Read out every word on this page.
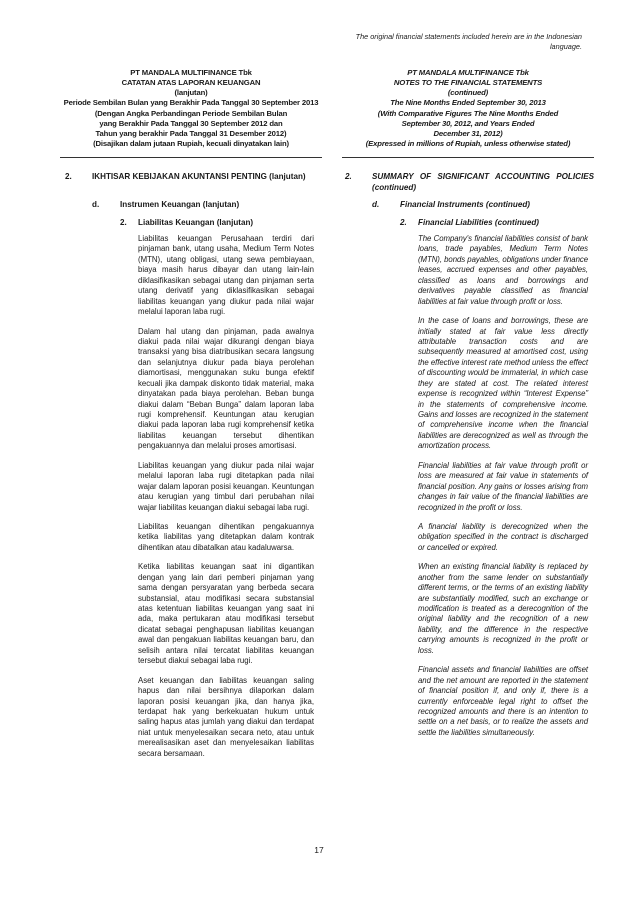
The original financial statements included herein are in the Indonesian language.
PT MANDALA MULTIFINANCE Tbk
CATATAN ATAS LAPORAN KEUANGAN
(lanjutan)
Periode Sembilan Bulan yang Berakhir Pada Tanggal 30 September 2013
(Dengan Angka Perbandingan Periode Sembilan Bulan
yang Berakhir Pada Tanggal 30 September 2012 dan
Tahun yang berakhir Pada Tanggal 31 Desember 2012)
(Disajikan dalam jutaan Rupiah, kecuali dinyatakan lain)
PT MANDALA MULTIFINANCE Tbk
NOTES TO THE FINANCIAL STATEMENTS
(continued)
The Nine Months Ended September 30, 2013
(With Comparative Figures The Nine Months Ended
September 30, 2012, and Years Ended
December 31, 2012)
(Expressed in millions of Rupiah, unless otherwise stated)
2. IKHTISAR KEBIJAKAN AKUNTANSI PENTING (lanjutan)
d.	Instrumen Keuangan (lanjutan)
2. Liabilitas Keuangan (lanjutan)

Liabilitas keuangan Perusahaan terdiri dari pinjaman bank, utang usaha, Medium Term Notes (MTN), utang obligasi, utang sewa pembiayaan, biaya masih harus dibayar dan utang lain-lain diklasifikasikan sebagai utang dan pinjaman serta utang derivatif yang diklasifikasikan sebagai liabilitas keuangan yang diukur pada nilai wajar melalui laporan laba rugi.

Dalam hal utang dan pinjaman, pada awalnya diakui pada nilai wajar dikurangi dengan biaya transaksi yang bisa diatribusikan secara langsung dan selanjutnya diukur pada biaya perolehan diamortisasi, menggunakan suku bunga efektif kecuali jika dampak diskonto tidak material, maka dinyatakan pada biaya perolehan. Beban bunga diakui dalam “Beban Bunga” dalam laporan laba rugi komprehensif. Keuntungan atau kerugian diakui pada laporan laba rugi komprehensif ketika liabilitas keuangan tersebut dihentikan pengakuannya dan melalui proses amortisasi.

Liabilitas keuangan yang diukur pada nilai wajar melalui laporan laba rugi ditetapkan pada nilai wajar dalam laporan posisi keuangan. Keuntungan atau kerugian yang timbul dari perubahan nilai wajar liabilitas keuangan diakui sebagai laba rugi.

Liabilitas keuangan dihentikan pengakuannya ketika liabilitas yang ditetapkan dalam kontrak dihentikan atau dibatalkan atau kadaluwarsa.

Ketika liabilitas keuangan saat ini digantikan dengan yang lain dari pemberi pinjaman yang sama dengan persyaratan yang berbeda secara substansial, atau modifikasi secara substansial atas ketentuan liabilitas keuangan yang saat ini ada, maka pertukaran atau modifikasi tersebut dicatat sebagai penghapusan liabilitas keuangan awal dan pengakuan liabilitas keuangan baru, dan selisih antara nilai tercatat liabilitas keuangan tersebut diakui sebagai laba rugi.

Aset keuangan dan liabilitas keuangan saling hapus dan nilai bersihnya dilaporkan dalam laporan posisi keuangan jika, dan hanya jika, terdapat hak yang berkekuatan hukum untuk saling hapus atas jumlah yang diakui dan terdapat niat untuk menyelesaikan secara neto, atau untuk merealisasikan aset dan menyelesaikan liabilitas secara bersamaan.

2. SUMMARY OF SIGNIFICANT ACCOUNTING POLICIES (continued)
d.	Financial Instruments (continued)
2. Financial Liabilities (continued)

The Company's financial liabilities consist of bank loans, trade payables, Medium Term Notes (MTN), bonds payables, obligations under finance leases, accrued expenses and other payables, classified as loans and borrowings and derivatives payable classified as financial liabilities at fair value through profit or loss.

In the case of loans and borrowings, these are initially stated at fair value less directly attributable transaction costs and are subsequently measured at amortised cost, using the effective interest rate method unless the effect of discounting would be immaterial, in which case they are stated at cost. The related interest expense is recognized within “Interest Expense” in the statements of comprehensive income. Gains and losses are recognized in the statement of comprehensive income when the financial liabilities are derecognized as well as through the amortization process.

Financial liabilities at fair value through profit or loss are measured at fair value in statements of financial position. Any gains or losses arising from changes in fair value of the financial liabilities are recognized in the profit or loss.

A financial liability is derecognized when the obligation specified in the contract is discharged or cancelled or expired.

When an existing financial liability is replaced by another from the same lender on substantially different terms, or the terms of an existing liability are substantially modified, such an exchange or modification is treated as a derecognition of the original liability and the recognition of a new liability, and the difference in the respective carrying amounts is recognized in the profit or loss.

Financial assets and financial liabilities are offset and the net amount are reported in the statement of financial position if, and only if, there is a currently enforceable legal right to offset the recognized amounts and there is an intention to settle on a net basis, or to realize the assets and settle the liabilities simultaneously.

17
